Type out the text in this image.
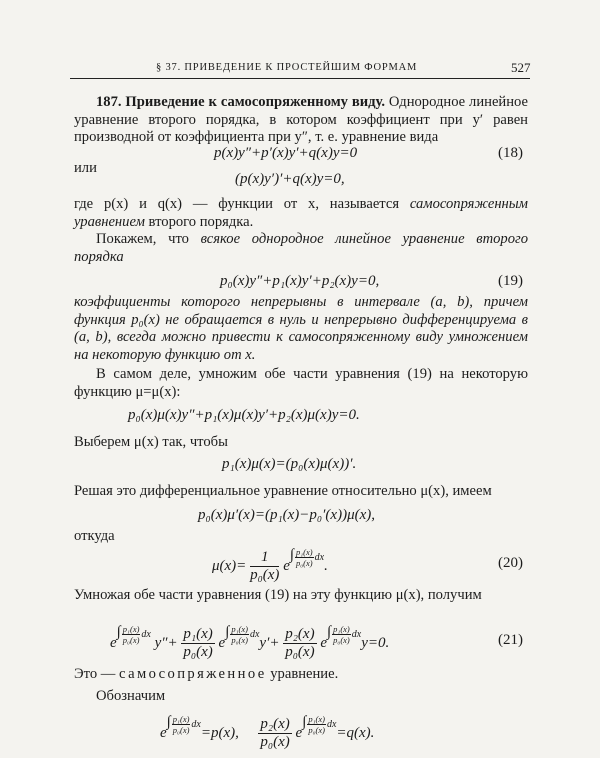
§ 37. ПРИВЕДЕНИЕ К ПРОСТЕЙШИМ ФОРМАМ	527
187. Приведение к самосопряженному виду. Однородное линейное уравнение второго порядка, в котором коэффициент при y′ равен производной от коэффициента при y″, т. е. уравнение вида
p(x)y″+p′(x)y′+q(x)y=0	(18)
или
(p(x)y′)′+q(x)y=0,
где p(x) и q(x) — функции от x, называется самосопряженным уравнением второго порядка.
Покажем, что всякое однородное линейное уравнение второго порядка
p₀(x)y″+p₁(x)y′+p₂(x)y=0,	(19)
коэффициенты которого непрерывны в интервале (a, b), причем функция p₀(x) не обращается в нуль и непрерывно дифференцируема в (a, b), всегда можно привести к самосопряженному виду умножением на некоторую функцию от x.
В самом деле, умножим обе части уравнения (19) на некоторую функцию μ=μ(x):
p₀(x)μ(x)y″+p₁(x)μ(x)y′+p₂(x)μ(x)y=0.
Выберем μ(x) так, чтобы
p₁(x)μ(x)=(p₀(x)μ(x))′.
Решая это дифференциальное уравнение относительно μ(x), имеем
p₀(x)μ′(x)=(p₁(x)−p₀′(x))μ(x),
откуда
$\mu(x)= \frac{1}{\text{p₀(x)}} e\int \frac{\text{p₁(x)}}{\text{p₀(x)}}$ dx.	(20)
Умножая обе части уравнения (19) на эту функцию μ(x), получим
$e\int \frac{\text{p₁(x)}}{\text{p₀(x)}}$ dx $y''+ \frac{\text{p₁(x)}}{\text{p₀(x)}} e\int \frac{\text{p₁(x)}}{\text{p₀(x)}} dxy'+ \frac{\text{p₂(x)}}{\text{p₀(x)}} e\int \frac{\text{p₁(x)}}{\text{p₀(x)}} dxy=0$.	(21)
Это — самосопряженное уравнение.
Обозначим
$e\int \frac{\text{p₁(x)}}{\text{p₀(x)}} dx=p(x)$, $\frac{\text{p₂(x)}}{\text{p₀(x)}} e\int \frac{\text{p₁(x)}}{\text{p₀(x)}} dx=q(x)$.
